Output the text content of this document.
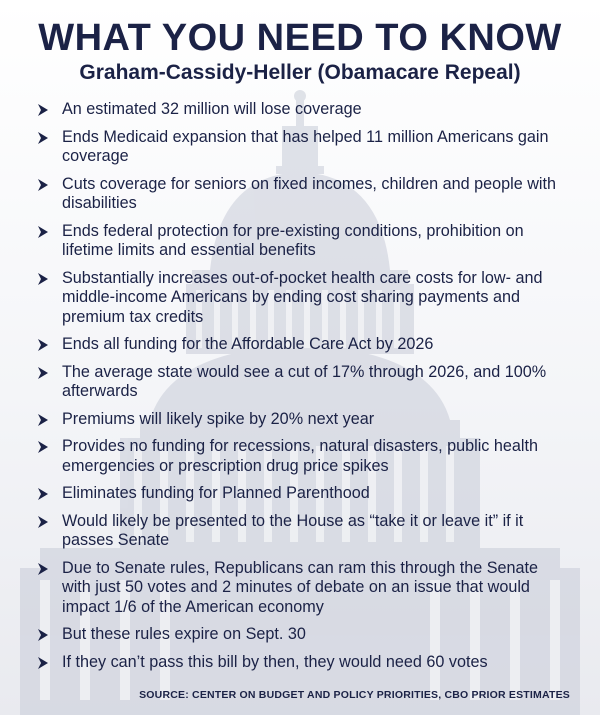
WHAT YOU NEED TO KNOW
Graham-Cassidy-Heller (Obamacare Repeal)
An estimated 32 million will lose coverage
Ends Medicaid expansion that has helped 11 million Americans gain coverage
Cuts coverage for seniors on fixed incomes, children and people with disabilities
Ends federal protection for pre-existing conditions, prohibition on lifetime limits and essential benefits
Substantially increases out-of-pocket health care costs for low- and middle-income Americans by ending cost sharing payments and premium tax credits
Ends all funding for the Affordable Care Act by 2026
The average state would see a cut of 17% through 2026, and 100% afterwards
Premiums will likely spike by 20% next year
Provides no funding for recessions, natural disasters, public health emergencies or prescription drug price spikes
Eliminates funding for Planned Parenthood
Would likely be presented to the House as “take it or leave it” if it passes Senate
Due to Senate rules, Republicans can ram this through the Senate with just 50 votes and 2 minutes of debate on an issue that would impact 1/6 of the American economy
But these rules expire on Sept. 30
If they can’t pass this bill by then, they would need 60 votes
SOURCE: CENTER ON BUDGET AND POLICY PRIORITIES, CBO PRIOR ESTIMATES
